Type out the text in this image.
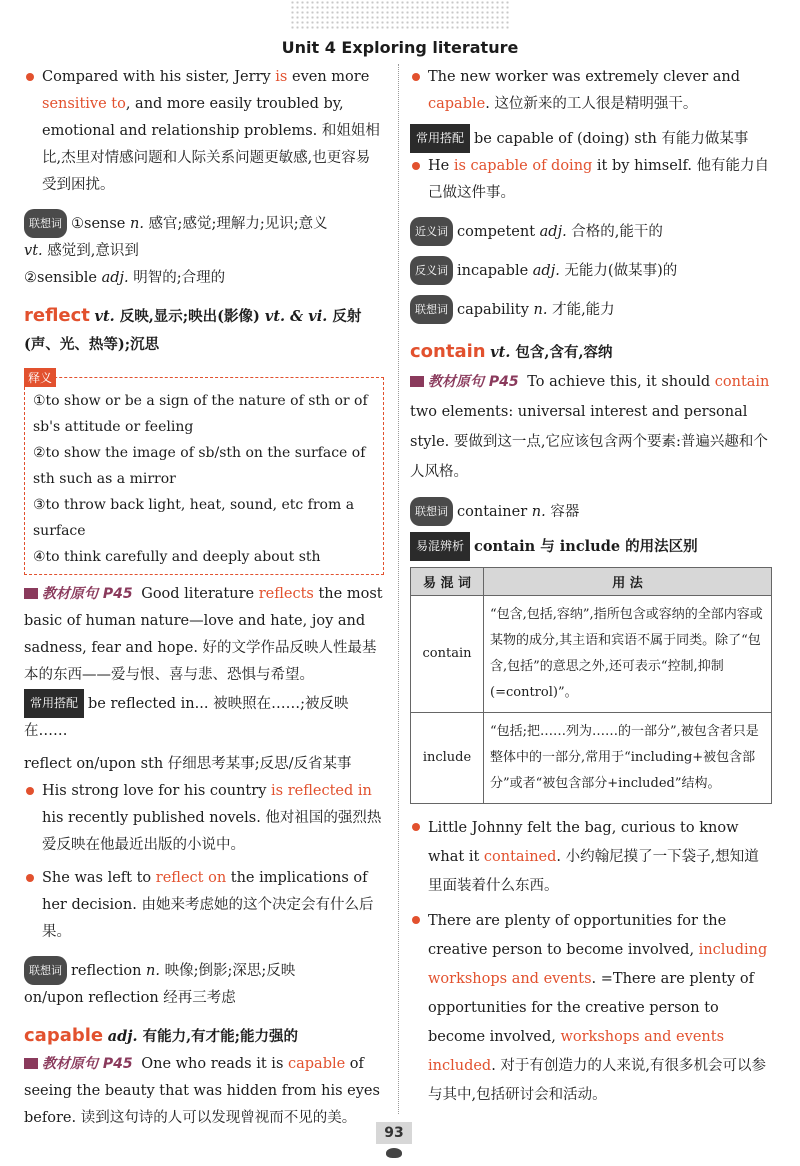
Unit 4 Exploring literature

Compared with his sister, Jerry is even more sensitive to, and more easily troubled by, emotional and relationship problems. 和姐姐相比,杰里对情感问题和人际关系问题更敏感,也更容易受到困扰。

联想词 ①sense n. 感官;感觉;理解力;见识;意义

vt. 感觉到,意识到

②sensible adj. 明智的;合理的

reflect vt. 反映,显示;映出(影像) vt. & vi. 反射(声、光、热等);沉思

释义

①to show or be a sign of the nature of sth or of sb's attitude or feeling

②to show the image of sb/sth on the surface of sth such as a mirror

③to throw back light, heat, sound, etc from a surface

④to think carefully and deeply about sth

教材原句 P45 Good literature reflects the most basic of human nature—love and hate, joy and sadness, fear and hope. 好的文学作品反映人性最基本的东西——爱与恨、喜与悲、恐惧与希望。

常用搭配 be reflected in... 被映照在……;被反映在……

reflect on/upon sth 仔细思考某事;反思/反省某事

His strong love for his country is reflected in his recently published novels. 他对祖国的强烈热爱反映在他最近出版的小说中。

She was left to reflect on the implications of her decision. 由她来考虑她的这个决定会有什么后果。

联想词 reflection n. 映像;倒影;深思;反映

on/upon reflection 经再三考虑

capable adj. 有能力,有才能;能力强的

教材原句 P45 One who reads it is capable of seeing the beauty that was hidden from his eyes before. 读到这句诗的人可以发现曾视而不见的美。

The new worker was extremely clever and capable. 这位新来的工人很是精明强干。

常用搭配 be capable of (doing) sth 有能力做某事

He is capable of doing it by himself. 他有能力自己做这件事。

近义词 competent adj. 合格的,能干的

反义词 incapable adj. 无能力(做某事)的

联想词 capability n. 才能,能力

contain vt. 包含,含有,容纳

教材原句 P45 To achieve this, it should contain two elements: universal interest and personal style. 要做到这一点,它应该包含两个要素:普遍兴趣和个人风格。

联想词 container n. 容器

易混辨析 contain 与 include 的用法区别

易 混 词	用 法
contain	“包含,包括,容纳”,指所包含或容纳的全部内容或某物的成分,其主语和宾语不属于同类。除了“包含,包括”的意思之外,还可表示“控制,抑制(=control)”。
include	“包括;把……列为……的一部分”,被包含者只是整体中的一部分,常用于“including+被包含部分”或者“被包含部分+included”结构。

Little Johnny felt the bag, curious to know what it contained. 小约翰尼摸了一下袋子,想知道里面装着什么东西。

There are plenty of opportunities for the creative person to become involved, including workshops and events. =There are plenty of opportunities for the creative person to become involved, workshops and events included. 对于有创造力的人来说,有很多机会可以参与其中,包括研讨会和活动。

93
